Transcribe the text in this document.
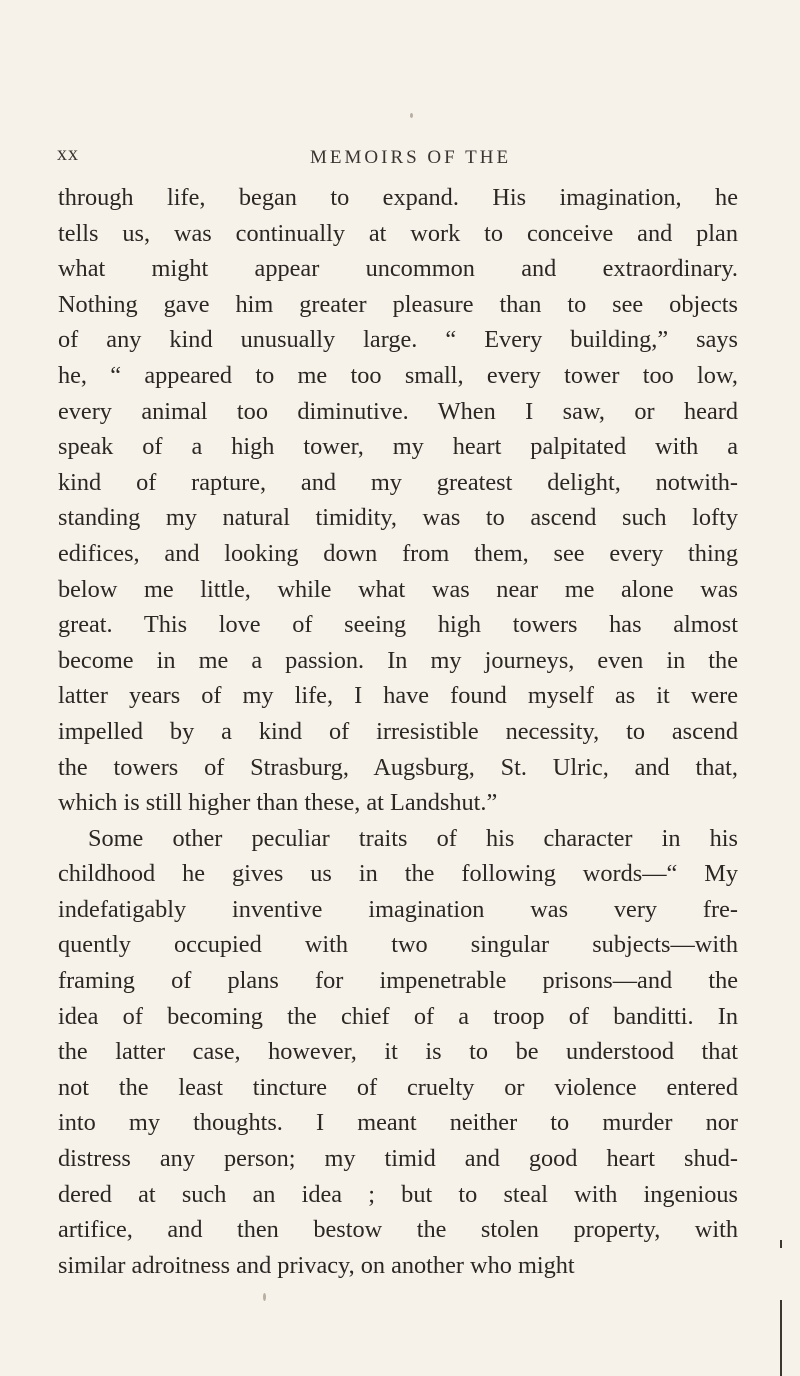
xx	MEMOIRS OF THE
through life, began to expand. His imagination, he
tells us, was continually at work to conceive and plan
what might appear uncommon and extraordinary.
Nothing gave him greater pleasure than to see objects
of any kind unusually large. “ Every building,” says
he, “ appeared to me too small, every tower too low,
every animal too diminutive. When I saw, or heard
speak of a high tower, my heart palpitated with a
kind of rapture, and my greatest delight, notwith-
standing my natural timidity, was to ascend such lofty
edifices, and looking down from them, see every thing
below me little, while what was near me alone was
great. This love of seeing high towers has almost
become in me a passion. In my journeys, even in the
latter years of my life, I have found myself as it were
impelled by a kind of irresistible necessity, to ascend
the towers of Strasburg, Augsburg, St. Ulric, and that,
which is still higher than these, at Landshut.”
Some other peculiar traits of his character in his
childhood he gives us in the following words—“ My
indefatigably inventive imagination was very fre-
quently occupied with two singular subjects—with
framing of plans for impenetrable prisons—and the
idea of becoming the chief of a troop of banditti. In
the latter case, however, it is to be understood that
not the least tincture of cruelty or violence entered
into my thoughts. I meant neither to murder nor
distress any person; my timid and good heart shud-
dered at such an idea ; but to steal with ingenious
artifice, and then bestow the stolen property, with
similar adroitness and privacy, on another who might
